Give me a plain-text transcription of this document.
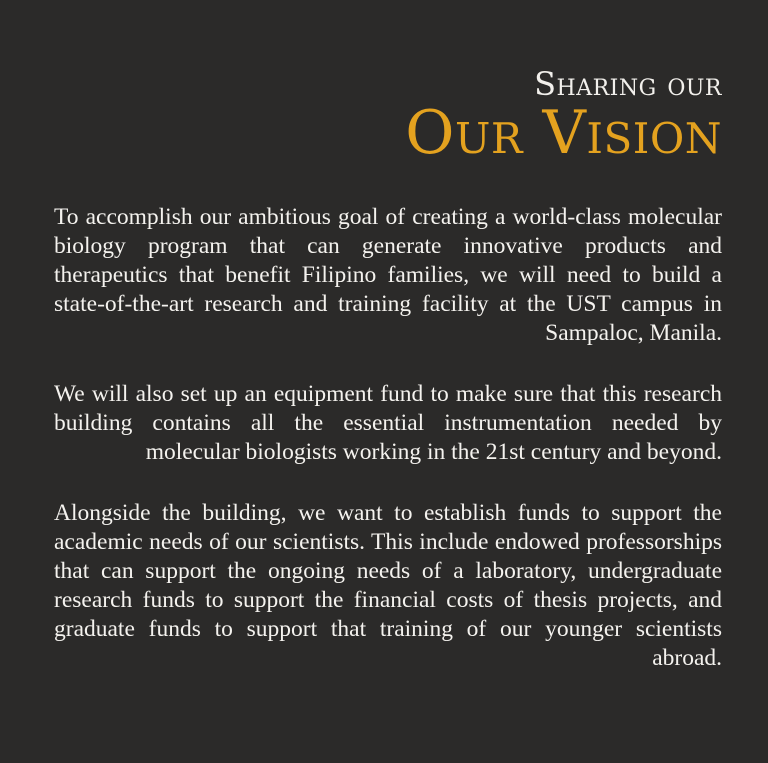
Sharing our
Our Vision

To accomplish our ambitious goal of creating a world-class molecular biology program that can generate innovative products and therapeutics that benefit Filipino families, we will need to build a state-of-the-art research and training facility at the UST campus in Sampaloc, Manila.

We will also set up an equipment fund to make sure that this research building contains all the essential instrumentation needed by molecular biologists working in the 21st century and beyond.

Alongside the building, we want to establish funds to support the academic needs of our scientists. This include endowed professorships that can support the ongoing needs of a laboratory, undergraduate research funds to support the financial costs of thesis projects, and graduate funds to support that training of our younger scientists abroad.
